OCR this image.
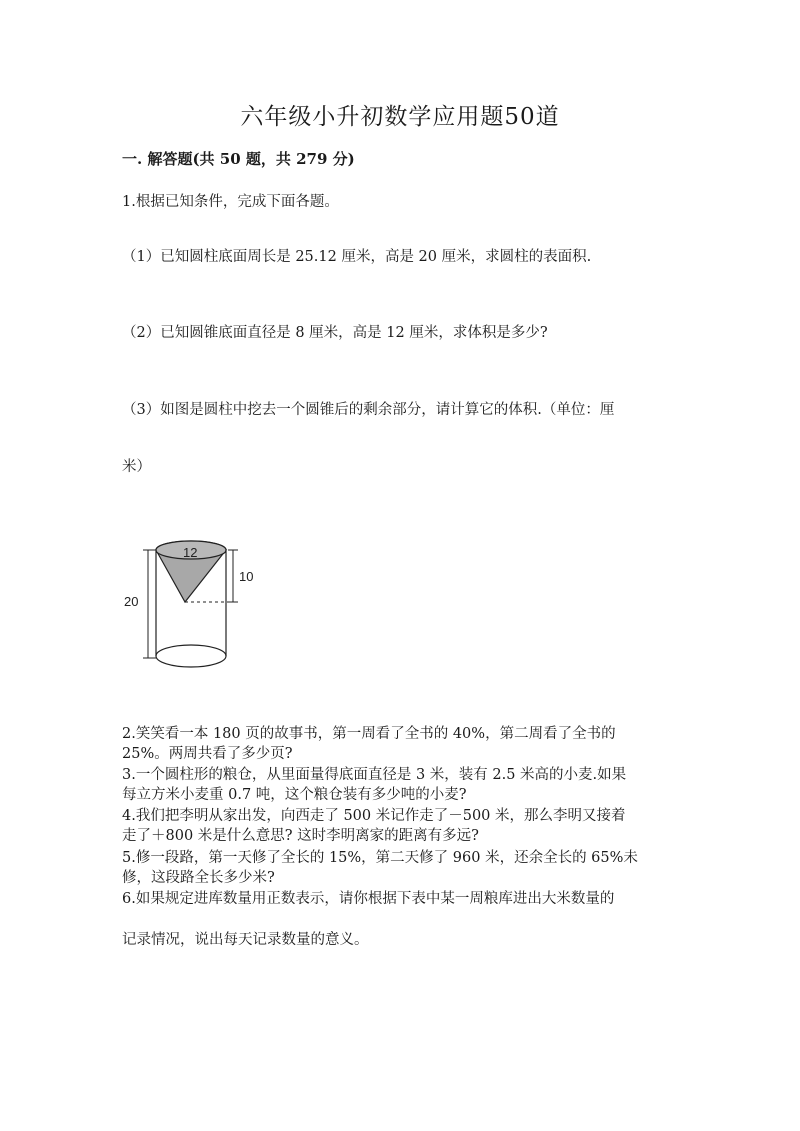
六年级小升初数学应用题50道
一. 解答题(共 50 题，共 279 分)
1.根据已知条件，完成下面各题。
（1）已知圆柱底面周长是 25.12 厘米，高是 20 厘米，求圆柱的表面积.
（2）已知圆锥底面直径是 8 厘米，高是 12 厘米，求体积是多少?
（3）如图是圆柱中挖去一个圆锥后的剩余部分，请计算它的体积.（单位：厘
米）
12
10
20
2.笑笑看一本 180 页的故事书，第一周看了全书的 40%，第二周看了全书的
25%。两周共看了多少页?
3.一个圆柱形的粮仓，从里面量得底面直径是 3 米，装有 2.5 米高的小麦.如果
每立方米小麦重 0.7 吨，这个粮仓装有多少吨的小麦?
4.我们把李明从家出发，向西走了 500 米记作走了－500 米，那么李明又接着
走了＋800 米是什么意思? 这时李明离家的距离有多远?
5.修一段路，第一天修了全长的 15%，第二天修了 960 米，还余全长的 65%未
修，这段路全长多少米?
6.如果规定进库数量用正数表示，请你根据下表中某一周粮库进出大米数量的
记录情况，说出每天记录数量的意义。
